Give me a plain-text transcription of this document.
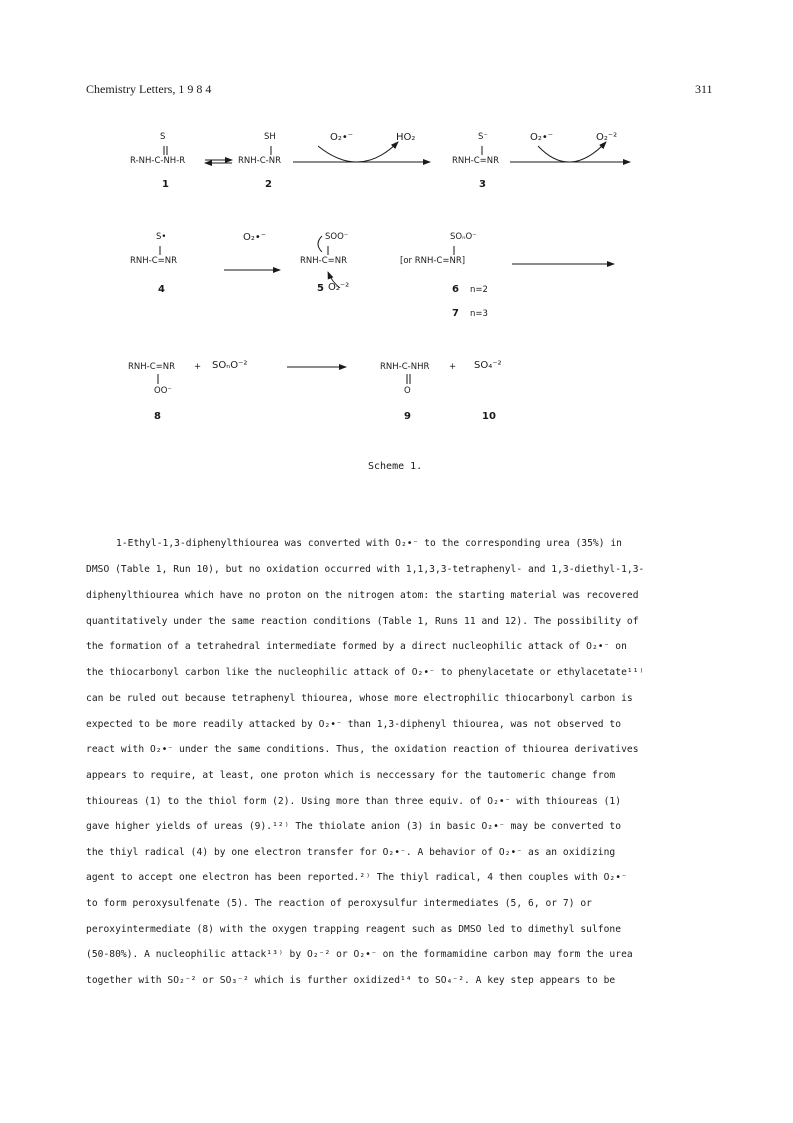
Chemistry Letters, 1 9 8 4	311
S
R-NH-C-NH-R
SH
RNH-C-NR
O₂•⁻	HO₂	S⁻
RNH-C=NR
O₂•⁻	O₂⁻²
1	2	3
S•
RNH-C=NR
O₂•⁻	SOO⁻
RNH-C=NR
5 O₂⁻²
SOₙO⁻
[or RNH-C=NR]
4	6 n=2
7 n=3
RNH-C=NR + SOₙO⁻²
OO⁻
RNH-C-NHR
O
+ SO₄⁻²
8	9	10
Scheme 1.
1-Ethyl-1,3-diphenylthiourea was converted with O₂•⁻ to the corresponding urea (35%) in
DMSO (Table 1, Run 10), but no oxidation occurred with 1,1,3,3-tetraphenyl- and 1,3-diethyl-1,3-
diphenylthiourea which have no proton on the nitrogen atom: the starting material was recovered
quantitatively under the same reaction conditions (Table 1, Runs 11 and 12). The possibility of
the formation of a tetrahedral intermediate formed by a direct nucleophilic attack of O₂•⁻ on
the thiocarbonyl carbon like the nucleophilic attack of O₂•⁻ to phenylacetate or ethylacetate¹¹⁾
can be ruled out because tetraphenyl thiourea, whose more electrophilic thiocarbonyl carbon is
expected to be more readily attacked by O₂•⁻ than 1,3-diphenyl thiourea, was not observed to
react with O₂•⁻ under the same conditions. Thus, the oxidation reaction of thiourea derivatives
appears to require, at least, one proton which is neccessary for the tautomeric change from
thioureas (1) to the thiol form (2). Using more than three equiv. of O₂•⁻ with thioureas (1)
gave higher yields of ureas (9).¹²⁾ The thiolate anion (3) in basic O₂•⁻ may be converted to
the thiyl radical (4) by one electron transfer for O₂•⁻. A behavior of O₂•⁻ as an oxidizing
agent to accept one electron has been reported.²⁾ The thiyl radical, 4 then couples with O₂•⁻
to form peroxysulfenate (5). The reaction of peroxysulfur intermediates (5, 6, or 7) or
peroxyintermediate (8) with the oxygen trapping reagent such as DMSO led to dimethyl sulfone
(50-80%). A nucleophilic attack¹³⁾ by O₂⁻² or O₂•⁻ on the formamidine carbon may form the urea
together with SO₂⁻² or SO₃⁻² which is further oxidized¹⁴ to SO₄⁻². A key step appears to be
